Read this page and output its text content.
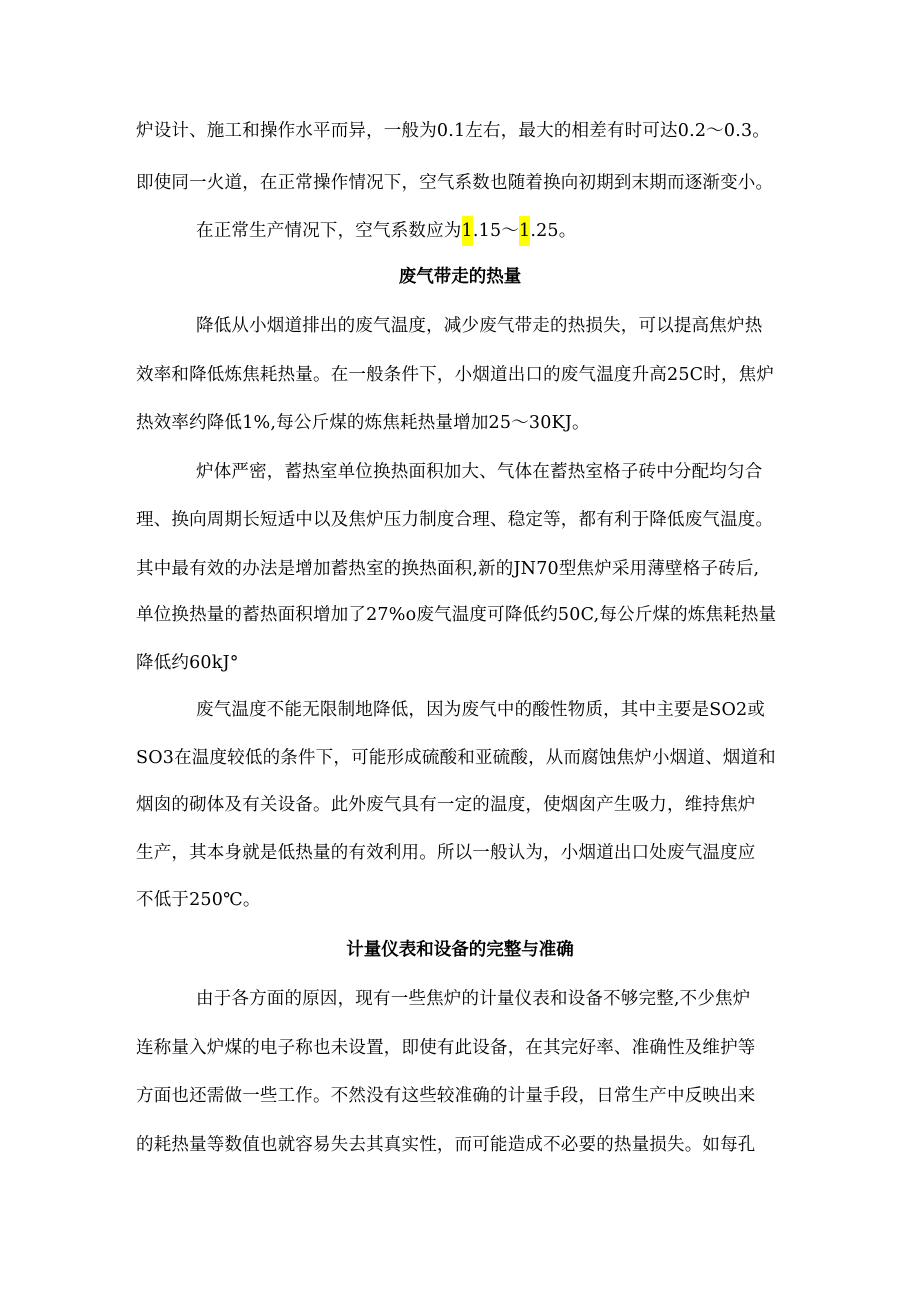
炉设计、施工和操作水平而异，一般为0.1左右，最大的相差有时可达0.2～0.3。
即使同一火道，在正常操作情况下，空气系数也随着换向初期到末期而逐渐变小。
在正常生产情况下，空气系数应为1.15～1.25。
废气带走的热量
降低从小烟道排出的废气温度，减少废气带走的热损失，可以提高焦炉热
效率和降低炼焦耗热量。在一般条件下，小烟道出口的废气温度升高25C时，焦炉
热效率约降低1%,每公斤煤的炼焦耗热量增加25～30KJ。
炉体严密，蓄热室单位换热面积加大、气体在蓄热室格子砖中分配均匀合
理、换向周期长短适中以及焦炉压力制度合理、稳定等，都有利于降低废气温度。
其中最有效的办法是增加蓄热室的换热面积,新的JN70型焦炉采用薄壁格子砖后,
单位换热量的蓄热面积增加了27%o废气温度可降低约50C,每公斤煤的炼焦耗热量
降低约60kJ°
废气温度不能无限制地降低，因为废气中的酸性物质，其中主要是SO2或
SO3在温度较低的条件下，可能形成硫酸和亚硫酸，从而腐蚀焦炉小烟道、烟道和
烟囱的砌体及有关设备。此外废气具有一定的温度，使烟囱产生吸力，维持焦炉
生产，其本身就是低热量的有效利用。所以一般认为，小烟道出口处废气温度应
不低于250℃。
计量仪表和设备的完整与准确
由于各方面的原因，现有一些焦炉的计量仪表和设备不够完整,不少焦炉
连称量入炉煤的电子称也未设置，即使有此设备，在其完好率、准确性及维护等
方面也还需做一些工作。不然没有这些较准确的计量手段，日常生产中反映出来
的耗热量等数值也就容易失去其真实性，而可能造成不必要的热量损失。如每孔
